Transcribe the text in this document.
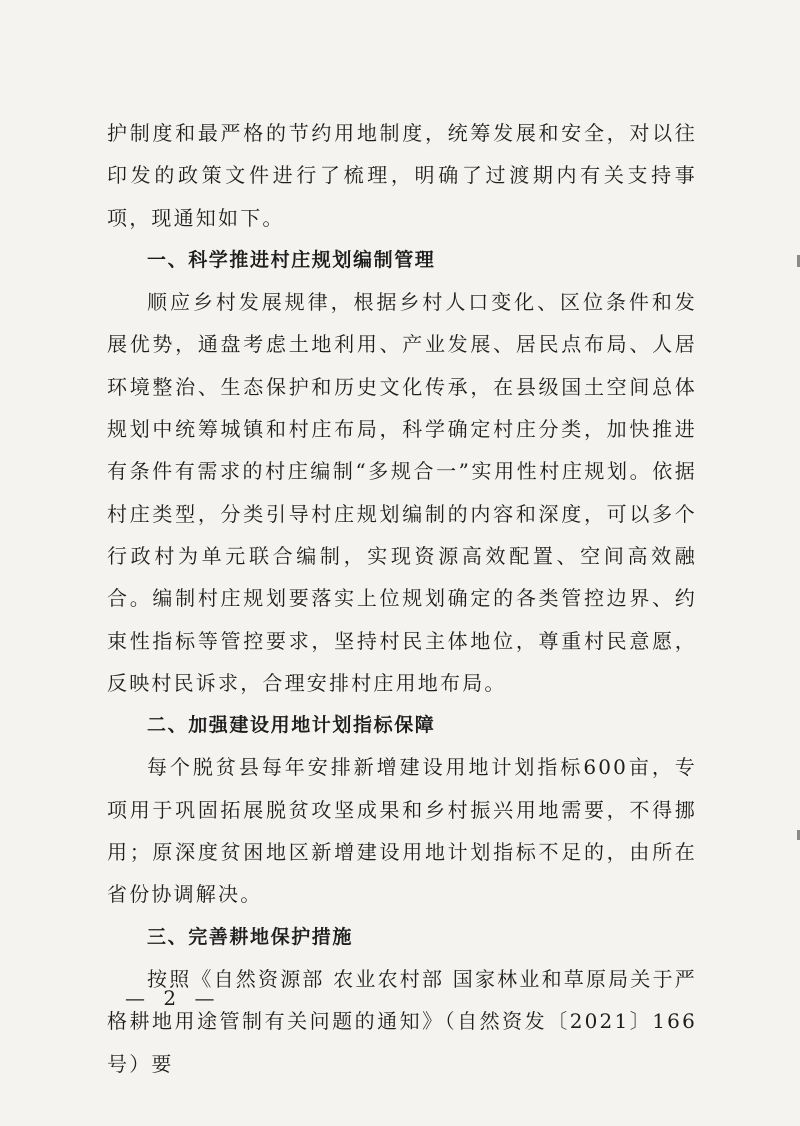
护制度和最严格的节约用地制度，统筹发展和安全，对以往印发的政策文件进行了梳理，明确了过渡期内有关支持事项，现通知如下。

一、科学推进村庄规划编制管理

顺应乡村发展规律，根据乡村人口变化、区位条件和发展优势，通盘考虑土地利用、产业发展、居民点布局、人居环境整治、生态保护和历史文化传承，在县级国土空间总体规划中统筹城镇和村庄布局，科学确定村庄分类，加快推进有条件有需求的村庄编制“多规合一”实用性村庄规划。依据村庄类型，分类引导村庄规划编制的内容和深度，可以多个行政村为单元联合编制，实现资源高效配置、空间高效融合。编制村庄规划要落实上位规划确定的各类管控边界、约束性指标等管控要求，坚持村民主体地位，尊重村民意愿，反映村民诉求，合理安排村庄用地布局。

二、加强建设用地计划指标保障

每个脱贫县每年安排新增建设用地计划指标600亩，专项用于巩固拓展脱贫攻坚成果和乡村振兴用地需要，不得挪用；原深度贫困地区新增建设用地计划指标不足的，由所在省份协调解决。

三、完善耕地保护措施

按照《自然资源部 农业农村部 国家林业和草原局关于严格耕地用途管制有关问题的通知》（自然资发〔2021〕166号）要

— 2 —
